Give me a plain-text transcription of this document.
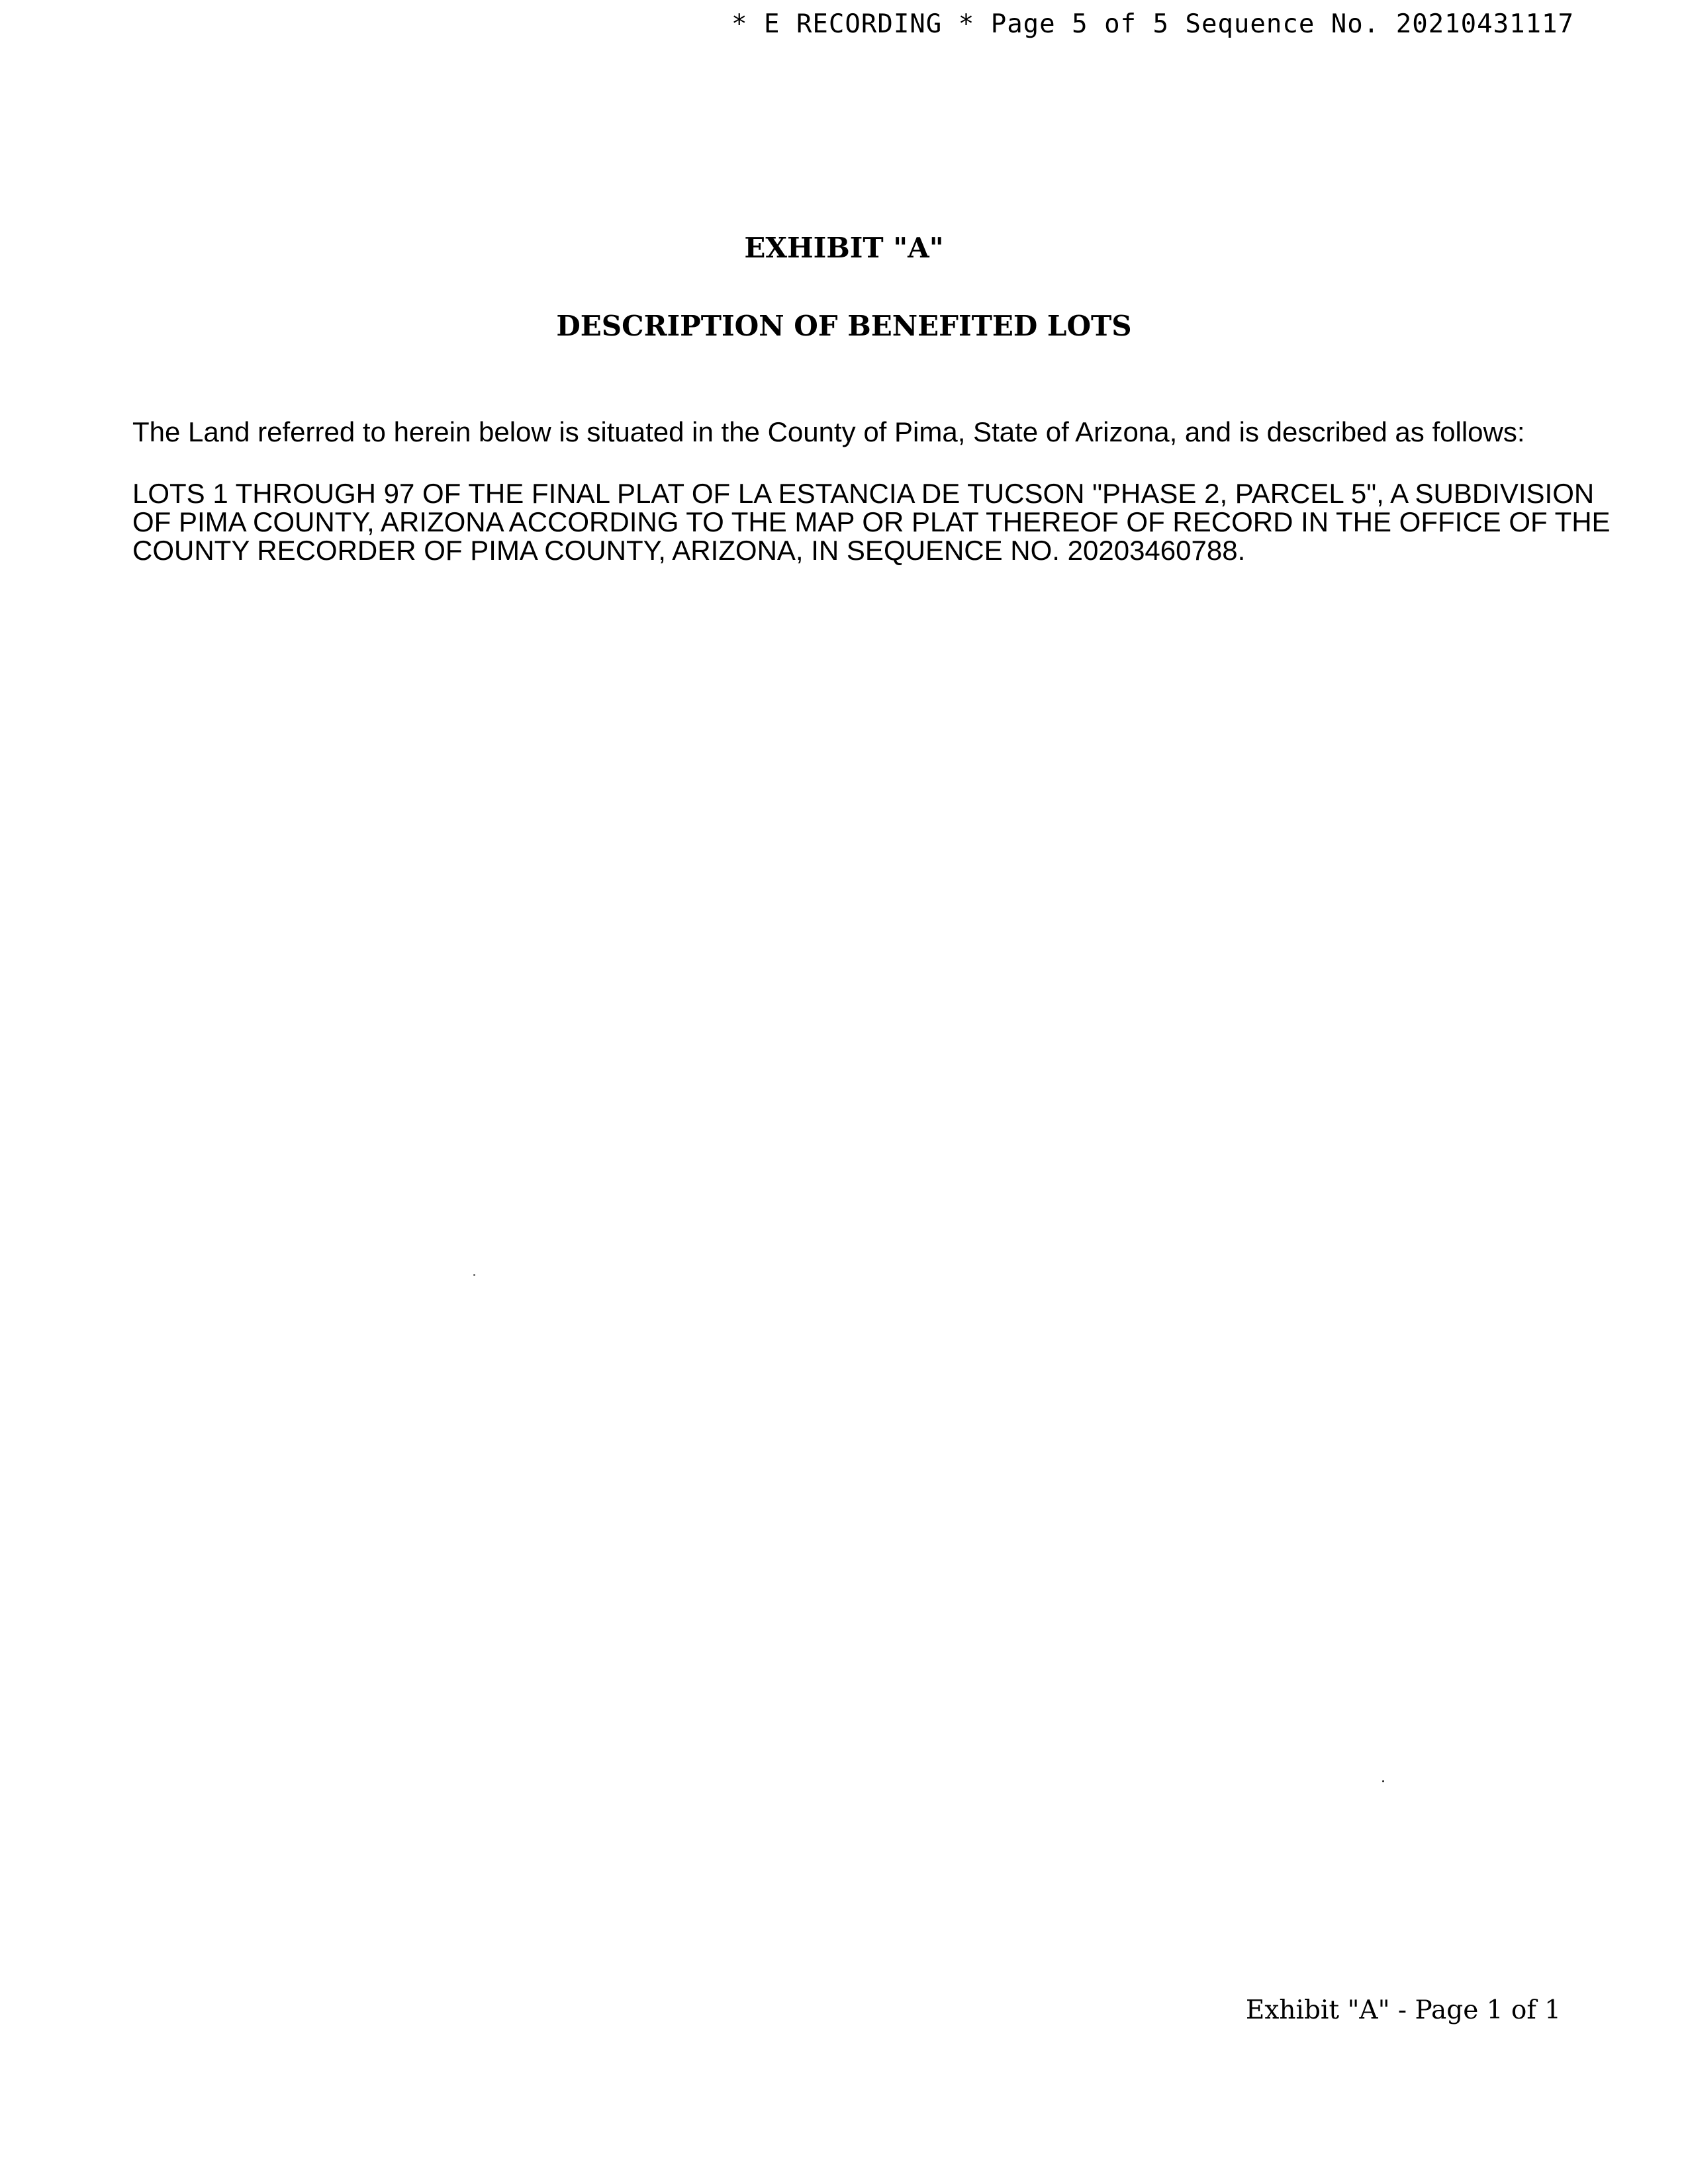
* E RECORDING * Page 5 of 5 Sequence No. 20210431117
EXHIBIT "A"
DESCRIPTION OF BENEFITED LOTS
The Land referred to herein below is situated in the County of Pima, State of Arizona, and is described as follows:
LOTS 1 THROUGH 97 OF THE FINAL PLAT OF LA ESTANCIA DE TUCSON "PHASE 2, PARCEL 5", A SUBDIVISION
OF PIMA COUNTY, ARIZONA ACCORDING TO THE MAP OR PLAT THEREOF OF RECORD IN THE OFFICE OF THE
COUNTY RECORDER OF PIMA COUNTY, ARIZONA, IN SEQUENCE NO. 20203460788.
Exhibit "A" - Page 1 of 1
